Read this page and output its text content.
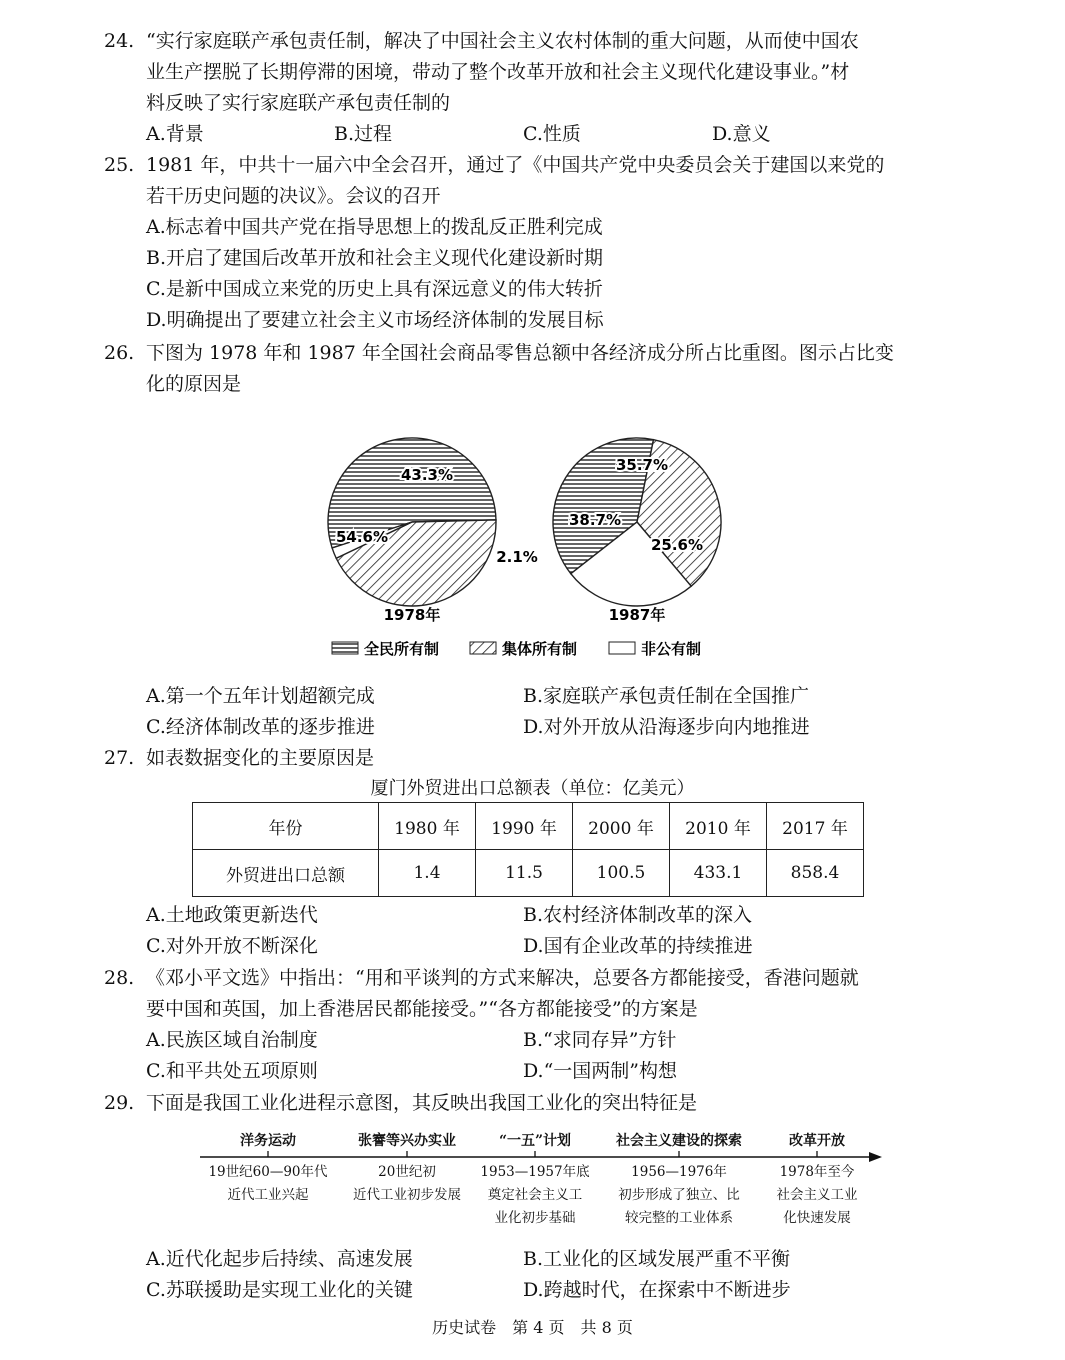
24. “实行家庭联产承包责任制，解决了中国社会主义农村体制的重大问题，从而使中国农
业生产摆脱了长期停滞的困境，带动了整个改革开放和社会主义现代化建设事业。”材
料反映了实行家庭联产承包责任制的
A.背景	B.过程	C.性质	D.意义
25. 1981 年，中共十一届六中全会召开，通过了《中国共产党中央委员会关于建国以来党的
若干历史问题的决议》。会议的召开
A.标志着中国共产党在指导思想上的拨乱反正胜利完成
B.开启了建国后改革开放和社会主义现代化建设新时期
C.是新中国成立来党的历史上具有深远意义的伟大转折
D.明确提出了要建立社会主义市场经济体制的发展目标
26. 下图为 1978 年和 1987 年全国社会商品零售总额中各经济成分所占比重图。图示占比变
化的原因是
54.6%
43.3%
2.1%
38.7%
35.7%
25.6%
1978年	1987年
全民所有制	集体所有制	非公有制
A.第一个五年计划超额完成	B.家庭联产承包责任制在全国推广
C.经济体制改革的逐步推进	D.对外开放从沿海逐步向内地推进
27. 如表数据变化的主要原因是
厦门外贸进出口总额表（单位：亿美元）
年份	1980 年	1990 年	2000 年	2010 年	2017 年
外贸进出口总额	1.4	11.5	100.5	433.1	858.4
A.土地政策更新迭代	B.农村经济体制改革的深入
C.对外开放不断深化	D.国有企业改革的持续推进
28. 《邓小平文选》中指出：“用和平谈判的方式来解决，总要各方都能接受，香港问题就
要中国和英国，加上香港居民都能接受。”“各方都能接受”的方案是
A.民族区域自治制度	B.“求同存异”方针
C.和平共处五项原则	D.“一国两制”构想
29. 下面是我国工业化进程示意图，其反映出我国工业化的突出特征是
洋务运动	张謇等兴办实业	“一五”计划	社会主义建设的探索	改革开放
19世纪60—90年代
近代工业兴起
20世纪初
近代工业初步发展
1953—1957年底
奠定社会主义工
业化初步基础
1956—1976年
初步形成了独立、比
较完整的工业体系
1978年至今
社会主义工业
化快速发展
A.近代化起步后持续、高速发展	B.工业化的区域发展严重不平衡
C.苏联援助是实现工业化的关键	D.跨越时代，在探索中不断进步
历史试卷　第 4 页　共 8 页
